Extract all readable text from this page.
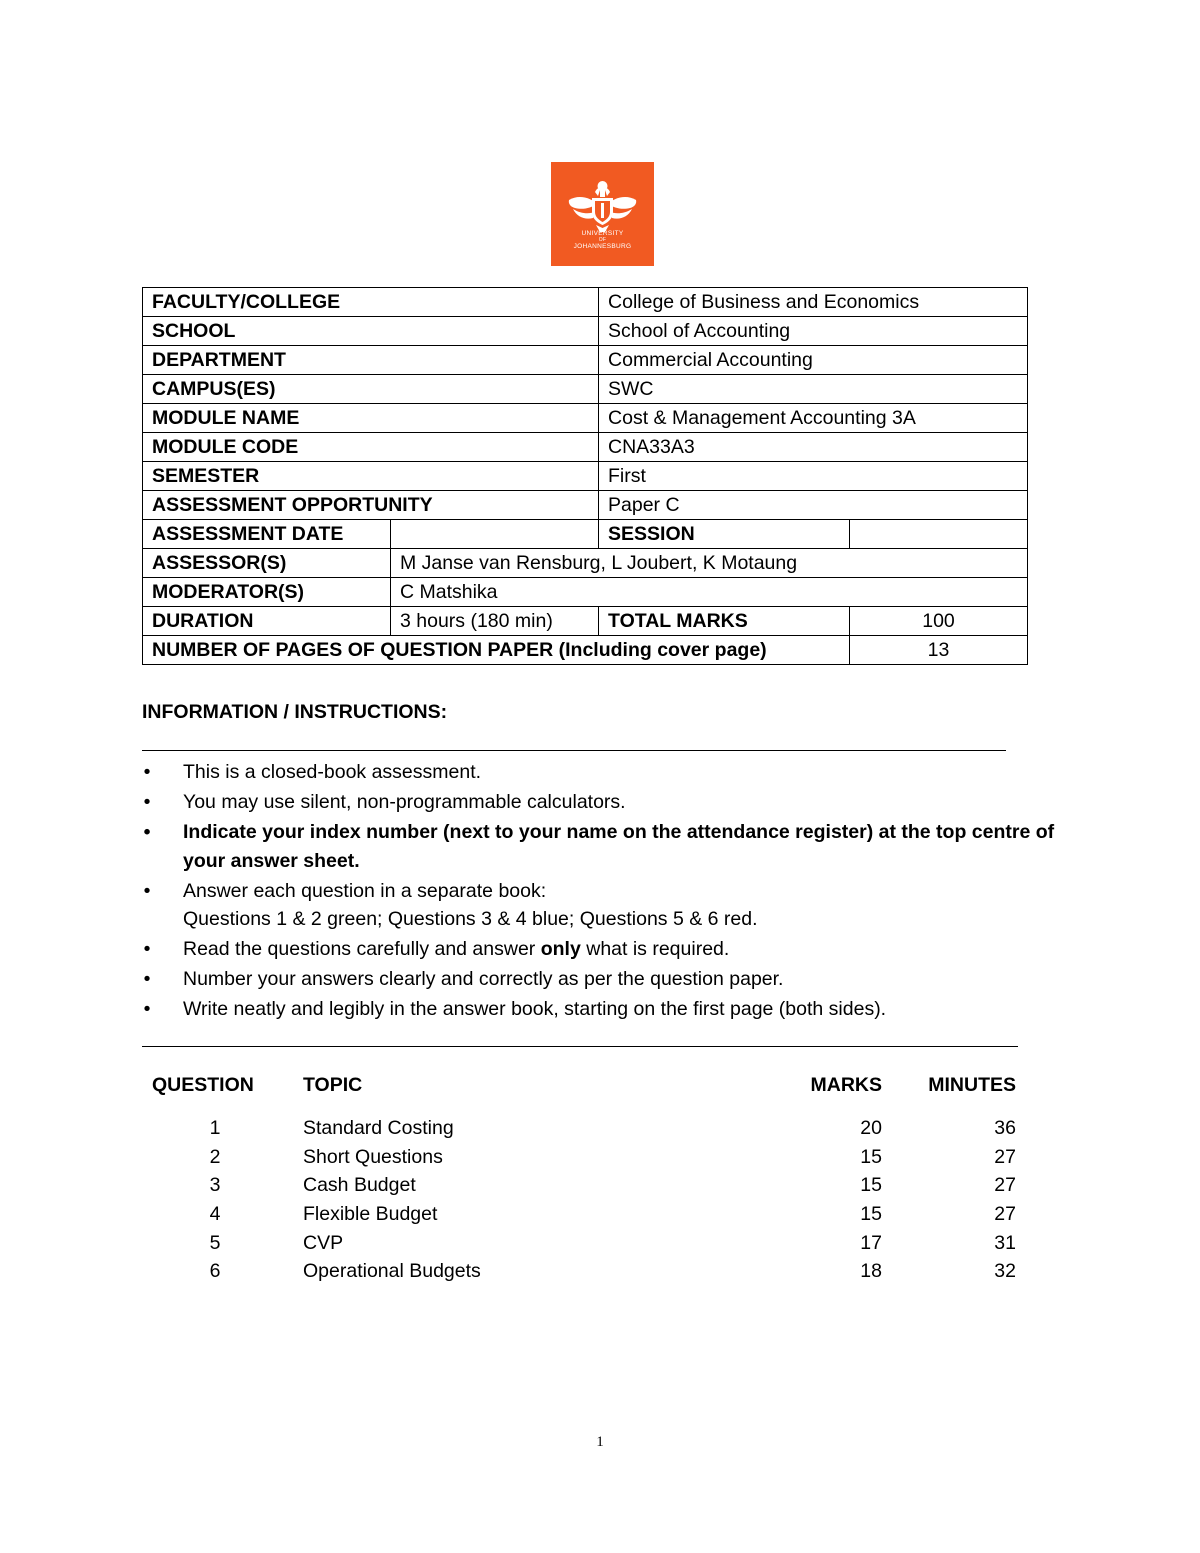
UNIVERSITY
OF
JOHANNESBURG
FACULTY/COLLEGE		College of Business and Economics	
SCHOOL		School of Accounting	
DEPARTMENT		Commercial Accounting	
CAMPUS(ES)		SWC	
MODULE NAME		Cost & Management Accounting 3A	
MODULE CODE		CNA33A3	
SEMESTER		First	
ASSESSMENT OPPORTUNITY		Paper C	
ASSESSMENT DATE		SESSION	
ASSESSOR(S)	M Janse van Rensburg, L Joubert, K Motaung		
MODERATOR(S)	C Matshika		
DURATION	3 hours (180 min)	TOTAL MARKS	100
NUMBER OF PAGES OF QUESTION PAPER (Including cover page)			13
INFORMATION / INSTRUCTIONS:
• This is a closed-book assessment.
• You may use silent, non-programmable calculators.
• Indicate your index number (next to your name on the attendance register) at the top centre of your answer sheet.
• Answer each question in a separate book:
Questions 1 & 2 green; Questions 3 & 4 blue; Questions 5 & 6 red.
• Read the questions carefully and answer only what is required.
• Number your answers clearly and correctly as per the question paper.
• Write neatly and legibly in the answer book, starting on the first page (both sides).
QUESTION	TOPIC	MARKS	MINUTES
1	Standard Costing	20	36
2	Short Questions	15	27
3	Cash Budget	15	27
4	Flexible Budget	15	27
5	CVP	17	31
6	Operational Budgets	18	32
1
